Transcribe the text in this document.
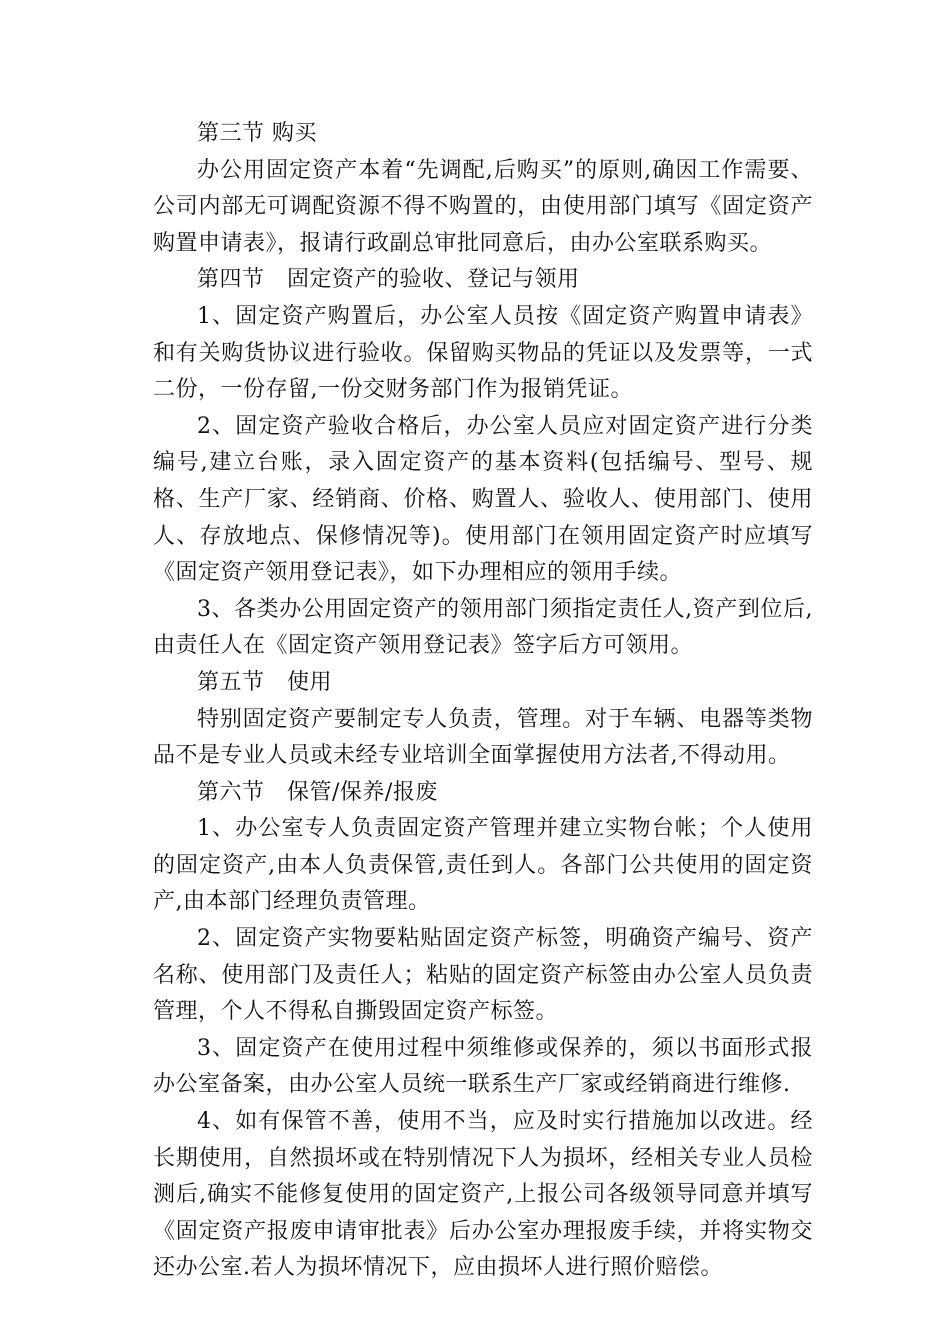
第三节 购买

办公用固定资产本着“先调配,后购买”的原则,确因工作需要、公司内部无可调配资源不得不购置的，由使用部门填写《固定资产购置申请表》，报请行政副总审批同意后，由办公室联系购买。

第四节　固定资产的验收、登记与领用

1、固定资产购置后，办公室人员按《固定资产购置申请表》和有关购货协议进行验收。保留购买物品的凭证以及发票等，一式二份，一份存留,一份交财务部门作为报销凭证。

2、固定资产验收合格后，办公室人员应对固定资产进行分类编号,建立台账，录入固定资产的基本资料(包括编号、型号、规格、生产厂家、经销商、价格、购置人、验收人、使用部门、使用人、存放地点、保修情况等)。使用部门在领用固定资产时应填写《固定资产领用登记表》，如下办理相应的领用手续。

3、各类办公用固定资产的领用部门须指定责任人,资产到位后,由责任人在《固定资产领用登记表》签字后方可领用。

第五节　使用

特别固定资产要制定专人负责，管理。对于车辆、电器等类物品不是专业人员或未经专业培训全面掌握使用方法者,不得动用。

第六节　保管/保养/报废

1、办公室专人负责固定资产管理并建立实物台帐；个人使用的固定资产,由本人负责保管,责任到人。各部门公共使用的固定资产,由本部门经理负责管理。

2、固定资产实物要粘贴固定资产标签，明确资产编号、资产名称、使用部门及责任人；粘贴的固定资产标签由办公室人员负责管理，个人不得私自撕毁固定资产标签。

3、固定资产在使用过程中须维修或保养的，须以书面形式报办公室备案，由办公室人员统一联系生产厂家或经销商进行维修.

4、如有保管不善，使用不当，应及时实行措施加以改进。经长期使用，自然损坏或在特别情况下人为损坏，经相关专业人员检测后,确实不能修复使用的固定资产,上报公司各级领导同意并填写《固定资产报废申请审批表》后办公室办理报废手续，并将实物交还办公室.若人为损坏情况下，应由损坏人进行照价赔偿。
